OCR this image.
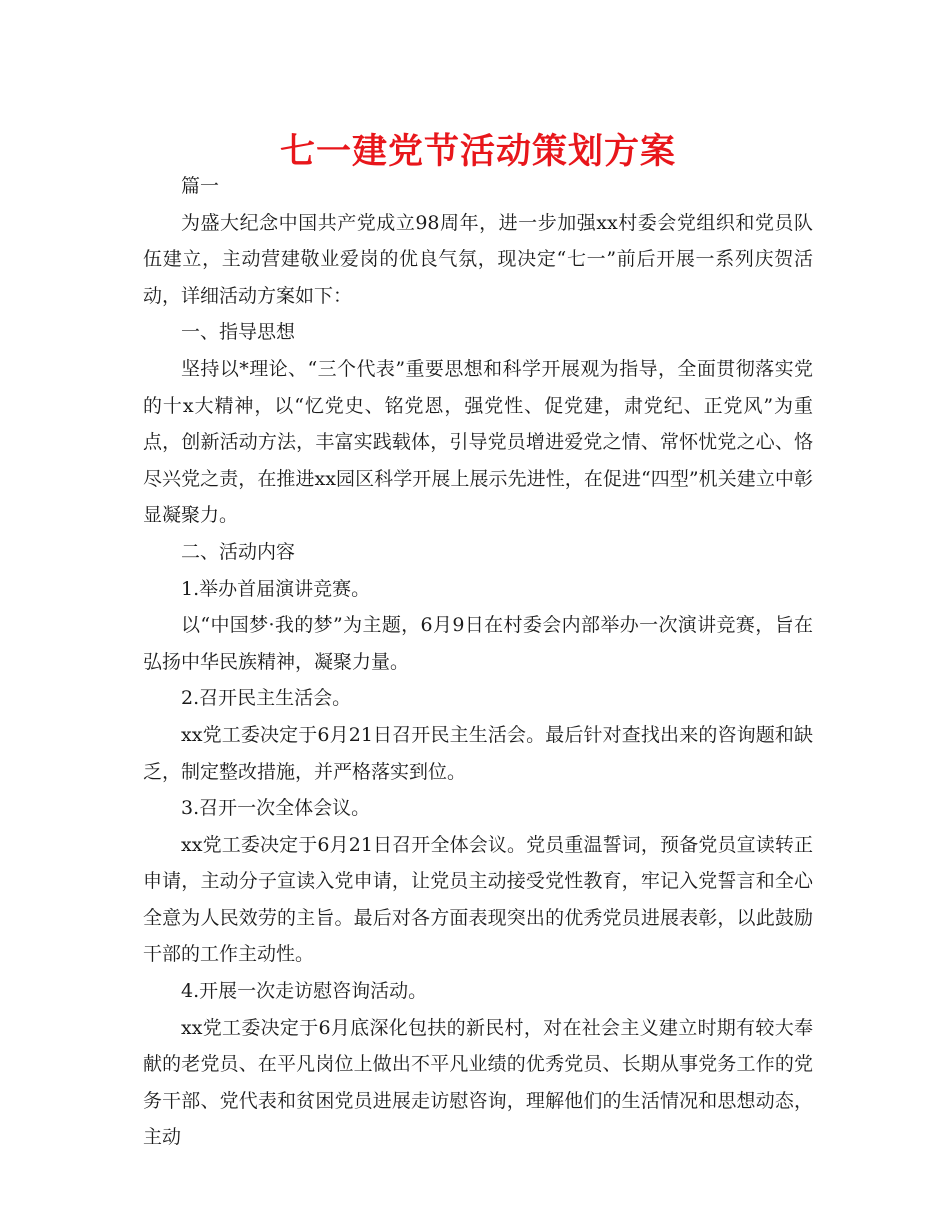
七一建党节活动策划方案

篇一

为盛大纪念中国共产党成立98周年，进一步加强xx村委会党组织和党员队伍建立，主动营建敬业爱岗的优良气氛，现决定“七一”前后开展一系列庆贺活动，详细活动方案如下：

一、指导思想

坚持以*理论、“三个代表”重要思想和科学开展观为指导，全面贯彻落实党的十x大精神，以“忆党史、铭党恩，强党性、促党建，肃党纪、正党风”为重点，创新活动方法，丰富实践载体，引导党员增进爱党之情、常怀忧党之心、恪尽兴党之责，在推进xx园区科学开展上展示先进性，在促进“四型”机关建立中彰显凝聚力。

二、活动内容

1.举办首届演讲竞赛。

以“中国梦·我的梦”为主题，6月9日在村委会内部举办一次演讲竞赛，旨在弘扬中华民族精神，凝聚力量。

2.召开民主生活会。

xx党工委决定于6月21日召开民主生活会。最后针对查找出来的咨询题和缺乏，制定整改措施，并严格落实到位。

3.召开一次全体会议。

xx党工委决定于6月21日召开全体会议。党员重温誓词，预备党员宣读转正申请，主动分子宣读入党申请，让党员主动接受党性教育，牢记入党誓言和全心全意为人民效劳的主旨。最后对各方面表现突出的优秀党员进展表彰，以此鼓励干部的工作主动性。

4.开展一次走访慰咨询活动。

xx党工委决定于6月底深化包扶的新民村，对在社会主义建立时期有较大奉献的老党员、在平凡岗位上做出不平凡业绩的优秀党员、长期从事党务工作的党务干部、党代表和贫困党员进展走访慰咨询，理解他们的生活情况和思想动态，主动
